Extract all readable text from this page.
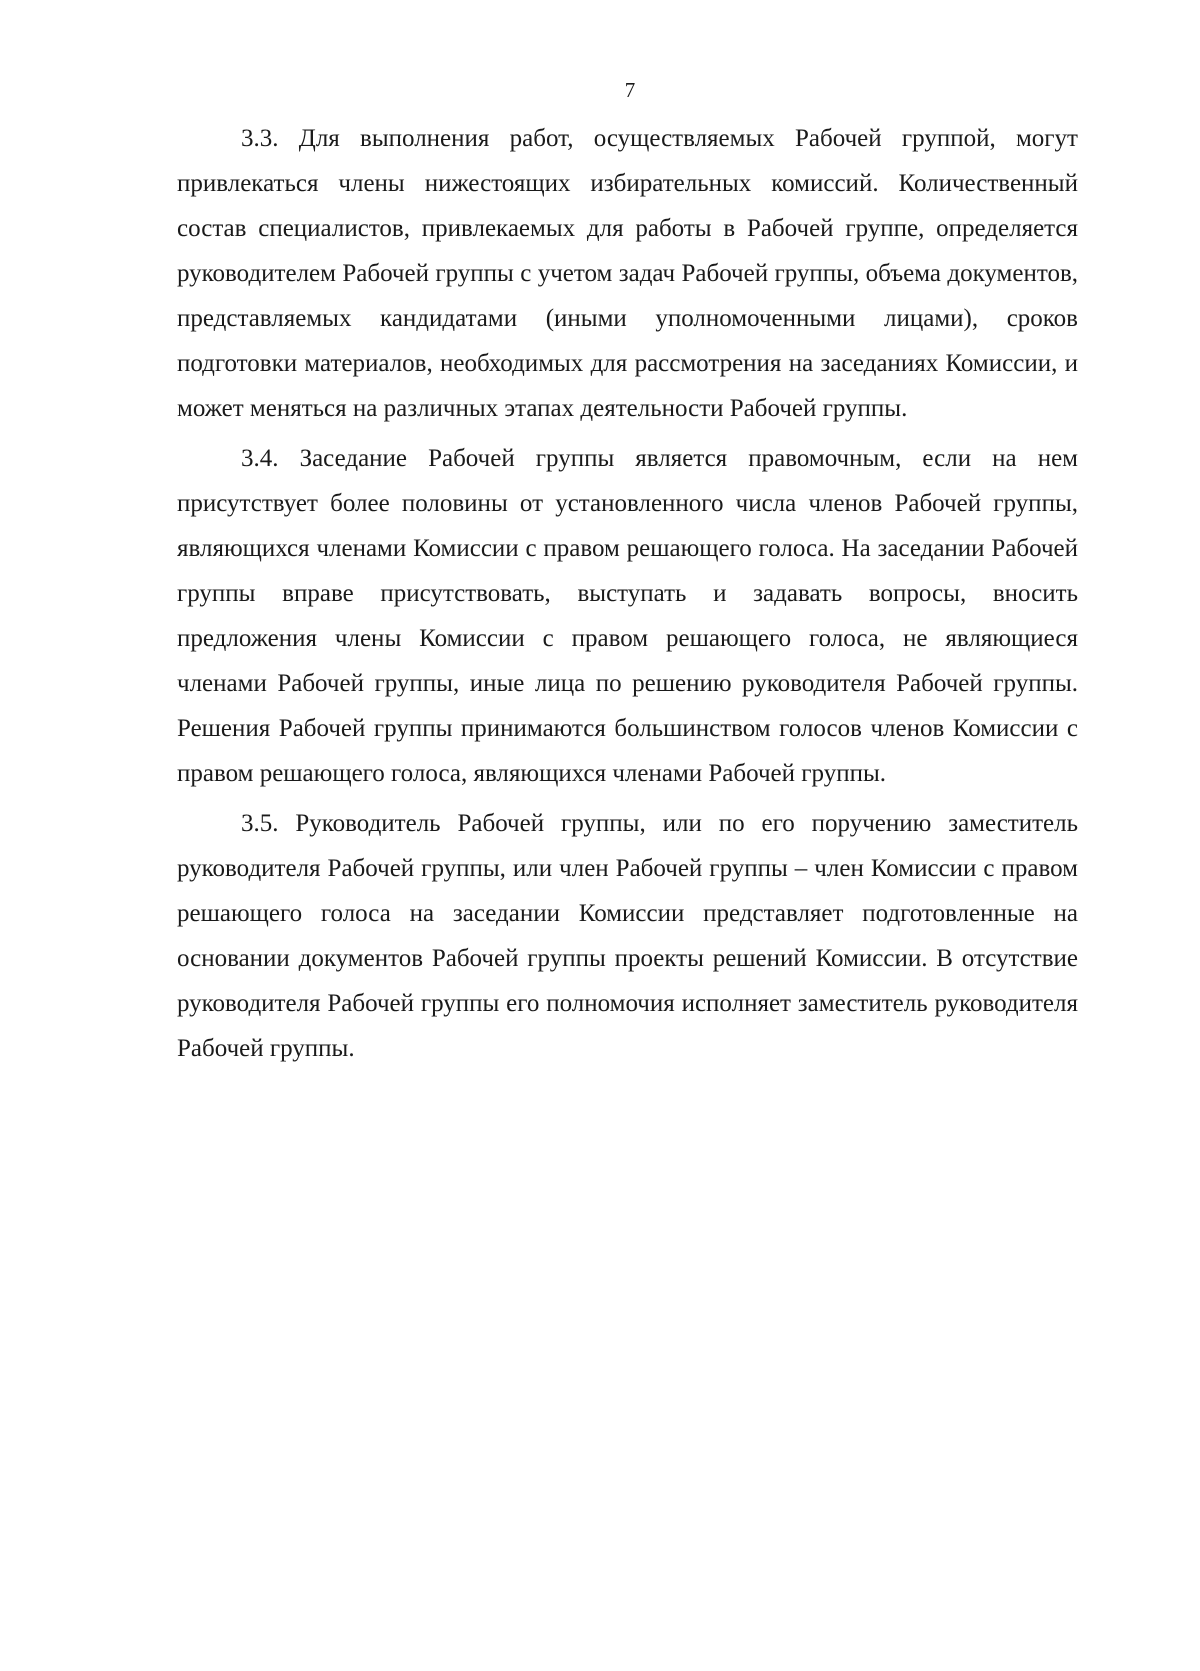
7

3.3. Для выполнения работ, осуществляемых Рабочей группой, могут привлекаться члены нижестоящих избирательных комиссий. Количественный состав специалистов, привлекаемых для работы в Рабочей группе, определяется руководителем Рабочей группы с учетом задач Рабочей группы, объема документов, представляемых кандидатами (иными уполномоченными лицами), сроков подготовки материалов, необходимых для рассмотрения на заседаниях Комиссии, и может меняться на различных этапах деятельности Рабочей группы.

3.4. Заседание Рабочей группы является правомочным, если на нем присутствует более половины от установленного числа членов Рабочей группы, являющихся членами Комиссии с правом решающего голоса. На заседании Рабочей группы вправе присутствовать, выступать и задавать вопросы, вносить предложения члены Комиссии с правом решающего голоса, не являющиеся членами Рабочей группы, иные лица по решению руководителя Рабочей группы. Решения Рабочей группы принимаются большинством голосов членов Комиссии с правом решающего голоса, являющихся членами Рабочей группы.

3.5. Руководитель Рабочей группы, или по его поручению заместитель руководителя Рабочей группы, или член Рабочей группы – член Комиссии с правом решающего голоса на заседании Комиссии представляет подготовленные на основании документов Рабочей группы проекты решений Комиссии. В отсутствие руководителя Рабочей группы его полномочия исполняет заместитель руководителя Рабочей группы.
